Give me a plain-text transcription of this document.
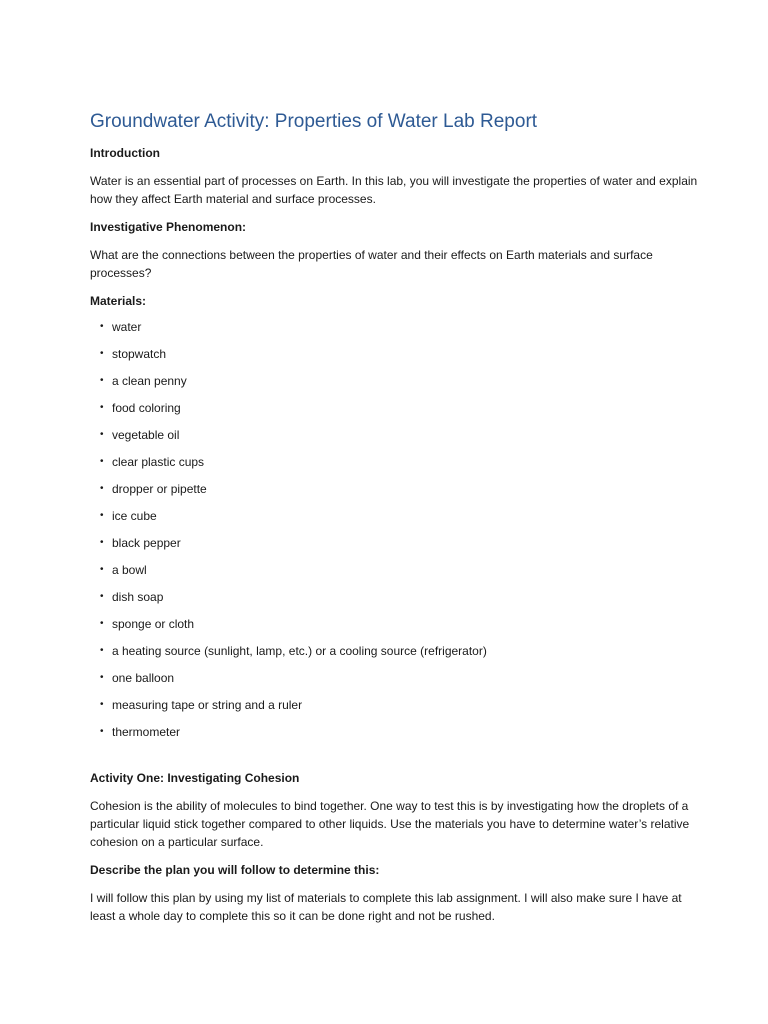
Groundwater Activity: Properties of Water Lab Report

Introduction

Water is an essential part of processes on Earth. In this lab, you will investigate the properties of water and explain how they affect Earth material and surface processes.

Investigative Phenomenon:

What are the connections between the properties of water and their effects on Earth materials and surface processes?

Materials:

• water
• stopwatch
• a clean penny
• food coloring
• vegetable oil
• clear plastic cups
• dropper or pipette
• ice cube
• black pepper
• a bowl
• dish soap
• sponge or cloth
• a heating source (sunlight, lamp, etc.) or a cooling source (refrigerator)
• one balloon
• measuring tape or string and a ruler
• thermometer

Activity One: Investigating Cohesion

Cohesion is the ability of molecules to bind together. One way to test this is by investigating how the droplets of a particular liquid stick together compared to other liquids. Use the materials you have to determine water’s relative cohesion on a particular surface.

Describe the plan you will follow to determine this:

I will follow this plan by using my list of materials to complete this lab assignment. I will also make sure I have at least a whole day to complete this so it can be done right and not be rushed.
